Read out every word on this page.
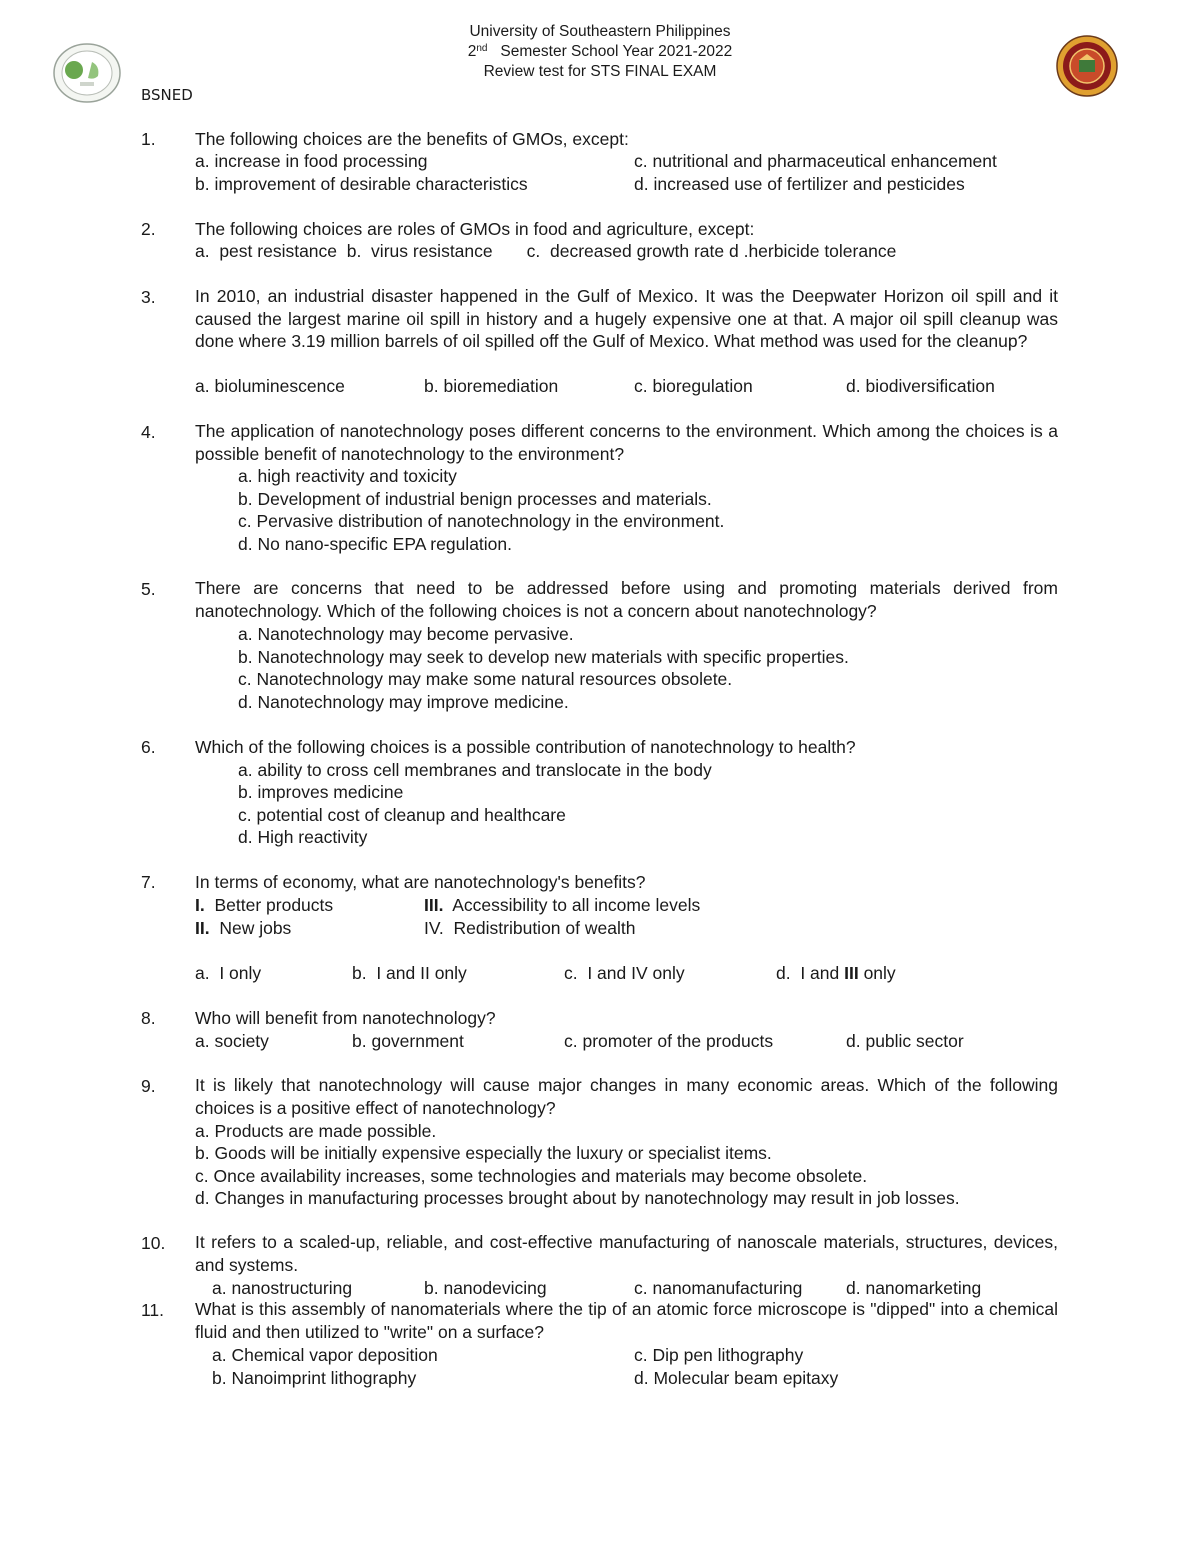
University of Southeastern Philippines
2nd Semester School Year 2021-2022
Review test for STS FINAL EXAM
BSNED
1. The following choices are the benefits of GMOs, except:
a. increase in food processing	c. nutritional and pharmaceutical enhancement
b. improvement of desirable characteristics	d. increased use of fertilizer and pesticides
2. The following choices are roles of GMOs in food and agriculture, except:
a.  pest resistance  b.  virus resistance       c.  decreased growth rate d .herbicide tolerance
3. In 2010, an industrial disaster happened in the Gulf of Mexico. It was the Deepwater Horizon oil spill and it caused the largest marine oil spill in history and a hugely expensive one at that. A major oil spill cleanup was done where 3.19 million barrels of oil spilled off the Gulf of Mexico. What method was used for the cleanup?
a. bioluminescence	b. bioremediation	c. bioregulation	d. biodiversification
4. The application of nanotechnology poses different concerns to the environment. Which among the choices is a possible benefit of nanotechnology to the environment?
a. high reactivity and toxicity
b. Development of industrial benign processes and materials.
c. Pervasive distribution of nanotechnology in the environment.
d. No nano-specific EPA regulation.
5. There are concerns that need to be addressed before using and promoting materials derived from nanotechnology. Which of the following choices is not a concern about nanotechnology?
a. Nanotechnology may become pervasive.
b. Nanotechnology may seek to develop new materials with specific properties.
c. Nanotechnology may make some natural resources obsolete.
d. Nanotechnology may improve medicine.
6. Which of the following choices is a possible contribution of nanotechnology to health?
a. ability to cross cell membranes and translocate in the body
b. improves medicine
c. potential cost of cleanup and healthcare
d. High reactivity
7. In terms of economy, what are nanotechnology's benefits?
I. Better products	III. Accessibility to all income levels
II. New jobs	IV. Redistribution of wealth
a.  I only	b.  I and II only	c.  I and IV only	d.  I and III only
8. Who will benefit from nanotechnology?
a. society	b. government	c. promoter of the products	d. public sector
9. It is likely that nanotechnology will cause major changes in many economic areas. Which of the following choices is a positive effect of nanotechnology?
a. Products are made possible.
b. Goods will be initially expensive especially the luxury or specialist items.
c. Once availability increases, some technologies and materials may become obsolete.
d. Changes in manufacturing processes brought about by nanotechnology may result in job losses.
10. It refers to a scaled-up, reliable, and cost-effective manufacturing of nanoscale materials, structures, devices, and systems.
a. nanostructuring	b. nanodevicing	c. nanomanufacturing d. nanomarketing
11. What is this assembly of nanomaterials where the tip of an atomic force microscope is "dipped" into a chemical fluid and then utilized to "write" on a surface?
a. Chemical vapor deposition	c. Dip pen lithography
b. Nanoimprint lithography	d. Molecular beam epitaxy
